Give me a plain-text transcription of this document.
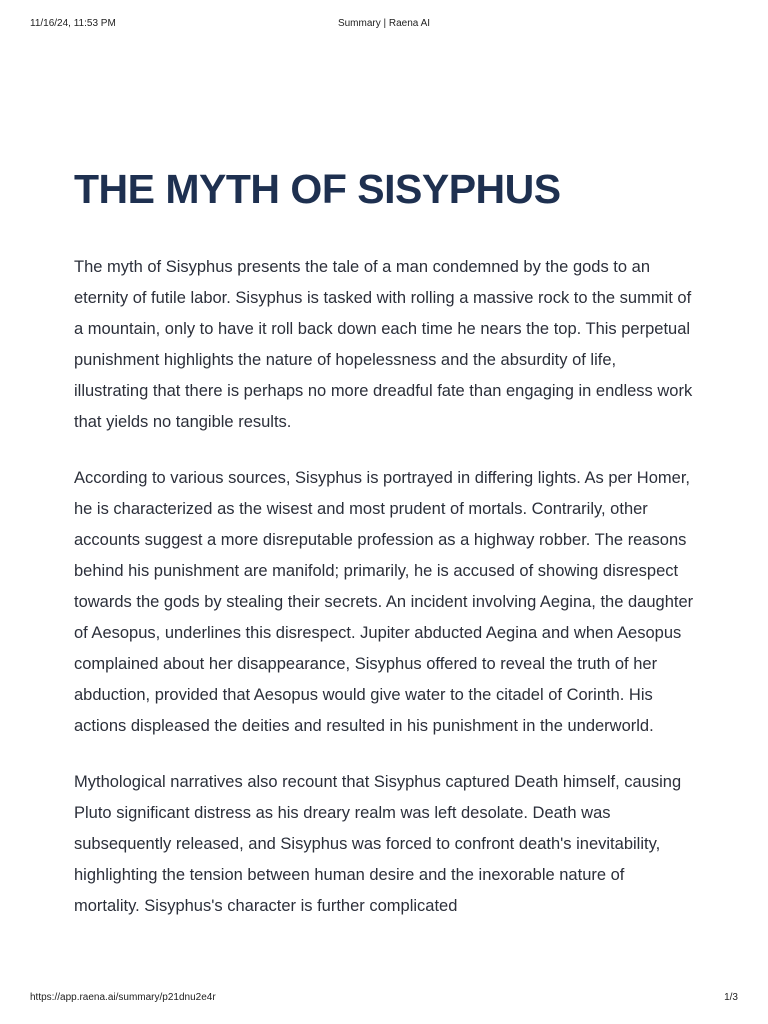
11/16/24, 11:53 PM	Summary | Raena AI
THE MYTH OF SISYPHUS

The myth of Sisyphus presents the tale of a man condemned by the gods to an eternity of futile labor. Sisyphus is tasked with rolling a massive rock to the summit of a mountain, only to have it roll back down each time he nears the top. This perpetual punishment highlights the nature of hopelessness and the absurdity of life, illustrating that there is perhaps no more dreadful fate than engaging in endless work that yields no tangible results.

According to various sources, Sisyphus is portrayed in differing lights. As per Homer, he is characterized as the wisest and most prudent of mortals. Contrarily, other accounts suggest a more disreputable profession as a highway robber. The reasons behind his punishment are manifold; primarily, he is accused of showing disrespect towards the gods by stealing their secrets. An incident involving Aegina, the daughter of Aesopus, underlines this disrespect. Jupiter abducted Aegina and when Aesopus complained about her disappearance, Sisyphus offered to reveal the truth of her abduction, provided that Aesopus would give water to the citadel of Corinth. His actions displeased the deities and resulted in his punishment in the underworld.

Mythological narratives also recount that Sisyphus captured Death himself, causing Pluto significant distress as his dreary realm was left desolate. Death was subsequently released, and Sisyphus was forced to confront death's inevitability, highlighting the tension between human desire and the inexorable nature of mortality. Sisyphus's character is further complicated

https://app.raena.ai/summary/p21dnu2e4r	1/3
